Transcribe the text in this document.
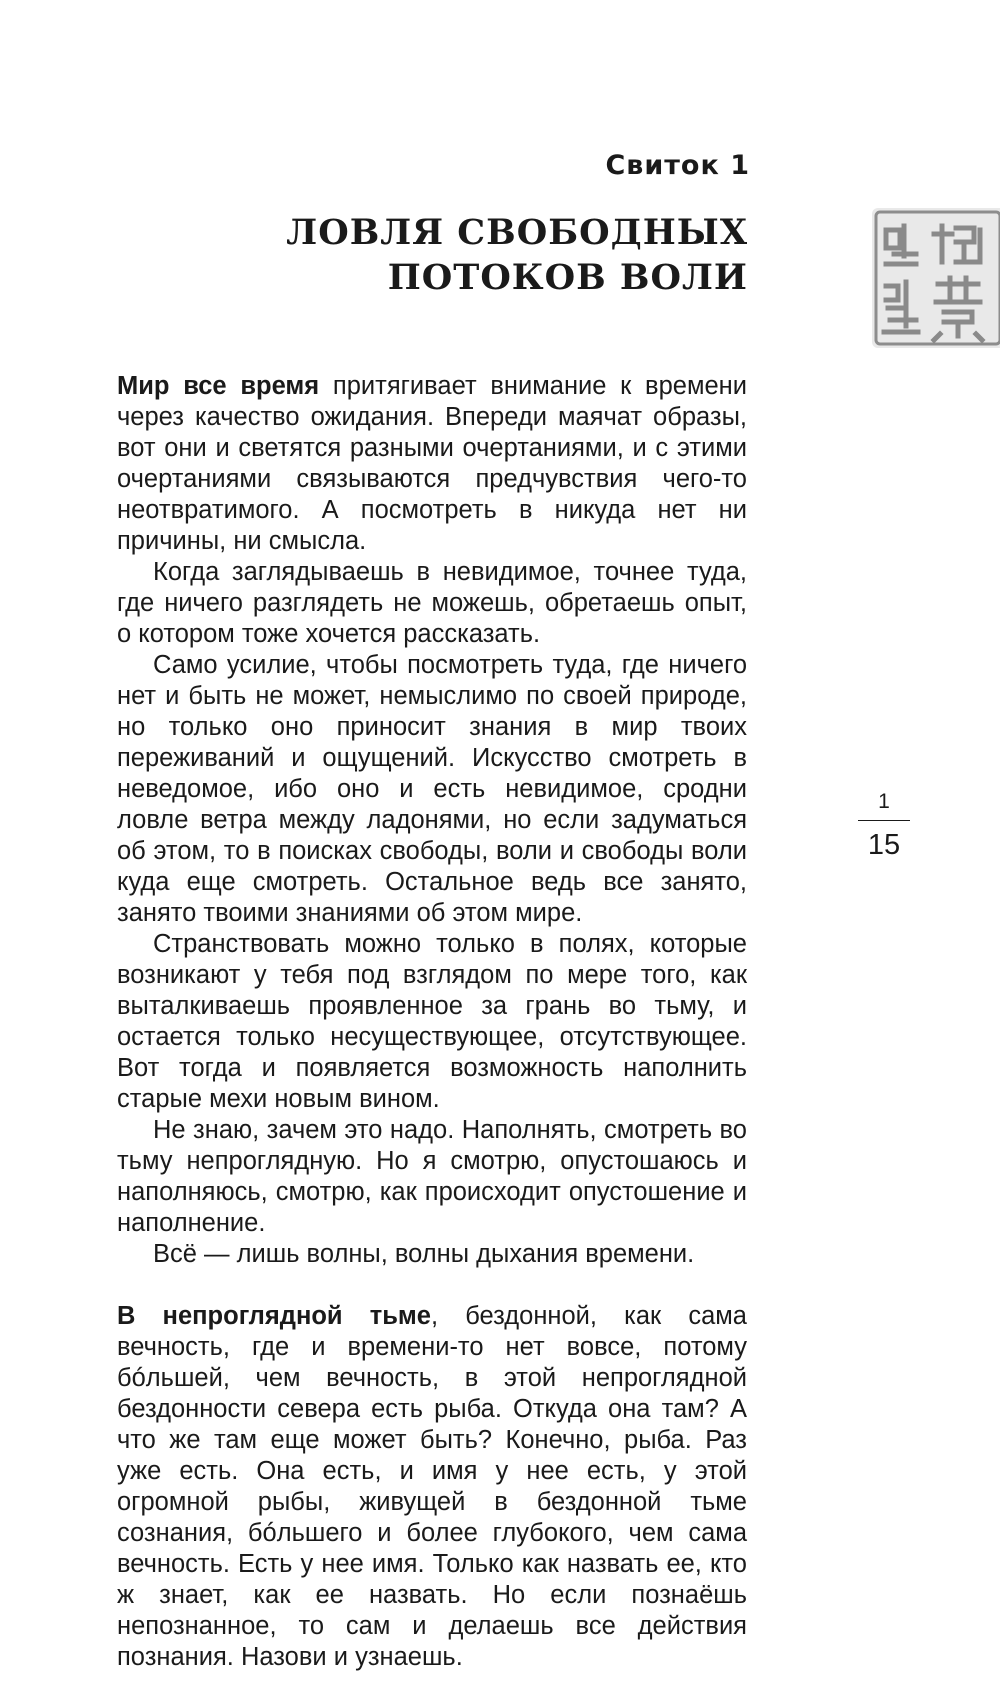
Свиток 1
ЛОВЛЯ СВОБОДНЫХ
ПОТОКОВ ВОЛИ

Мир все время притягивает внимание к времени через качество ожидания. Впереди маячат образы, вот они и светятся разными очертаниями, и с этими очертаниями связываются предчувствия чего-то неотвратимого. А посмотреть в никуда нет ни причины, ни смысла.

Когда заглядываешь в невидимое, точнее туда, где ничего разглядеть не можешь, обретаешь опыт, о котором тоже хочется рассказать.

Само усилие, чтобы посмотреть туда, где ничего нет и быть не может, немыслимо по своей природе, но только оно приносит знания в мир твоих переживаний и ощущений. Искусство смотреть в неведомое, ибо оно и есть невидимое, сродни ловле ветра между ладонями, но если задуматься об этом, то в поисках свободы, воли и свободы воли куда еще смотреть. Остальное ведь все занято, занято твоими знаниями об этом мире.

Странствовать можно только в полях, которые возникают у тебя под взглядом по мере того, как выталкиваешь проявленное за грань во тьму, и остается только несуществующее, отсутствующее. Вот тогда и появляется возможность наполнить старые мехи новым вином.

Не знаю, зачем это надо. Наполнять, смотреть во тьму непроглядную. Но я смотрю, опустошаюсь и наполняюсь, смотрю, как происходит опустошение и наполнение.

Всё — лишь волны, волны дыхания времени.

В непроглядной тьме, бездонной, как сама вечность, где и времени-то нет вовсе, потому бóльшей, чем вечность, в этой непроглядной бездонности севера есть рыба. Откуда она там? А что же там еще может быть? Конечно, рыба. Раз уже есть. Она есть, и имя у нее есть, у этой огромной рыбы, живущей в бездонной тьме сознания, бóльшего и более глубокого, чем сама вечность. Есть у нее имя. Только как назвать ее, кто ж знает, как ее назвать. Но если познаёшь непознанное, то сам и делаешь все действия познания. Назови и узнаешь.

1
15
